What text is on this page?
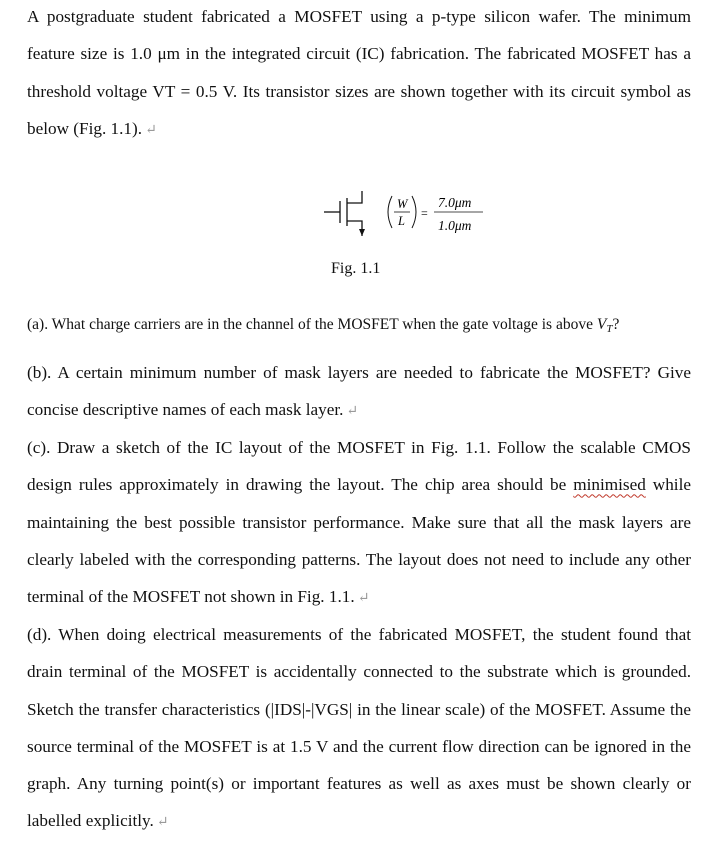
A postgraduate student fabricated a MOSFET using a p-type silicon wafer. The minimum feature size is 1.0 μm in the integrated circuit (IC) fabrication. The fabricated MOSFET has a threshold voltage VT = 0.5 V. Its transistor sizes are shown together with its circuit symbol as below (Fig. 1.1). ↵

W
L
=
7.0μm
1.0μm
Fig. 1.1

(a). What charge carriers are in the channel of the MOSFET when the gate voltage is above $V_T$?

(b). A certain minimum number of mask layers are needed to fabricate the MOSFET? Give concise descriptive names of each mask layer. ↵

(c). Draw a sketch of the IC layout of the MOSFET in Fig. 1.1. Follow the scalable CMOS design rules approximately in drawing the layout. The chip area should be minimised while maintaining the best possible transistor performance. Make sure that all the mask layers are clearly labeled with the corresponding patterns. The layout does not need to include any other terminal of the MOSFET not shown in Fig. 1.1. ↵

(d). When doing electrical measurements of the fabricated MOSFET, the student found that drain terminal of the MOSFET is accidentally connected to the substrate which is grounded. Sketch the transfer characteristics (|IDS|-|VGS| in the linear scale) of the MOSFET. Assume the source terminal of the MOSFET is at 1.5 V and the current flow direction can be ignored in the graph. Any turning point(s) or important features as well as axes must be shown clearly or labelled explicitly. ↵
